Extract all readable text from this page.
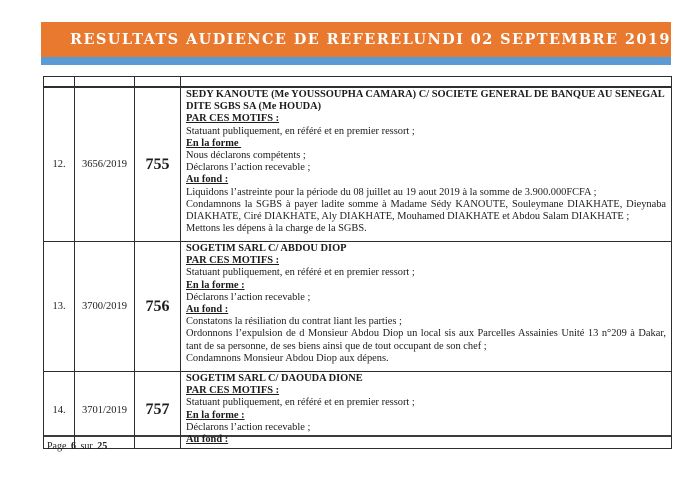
RESULTATS AUDIENCE DE REFERE LUNDI 02 SEPTEMBRE 2019

12.	3656/2019	755	
SEDY KANOUTE (Me YOUSSOUPHA CAMARA) C/ SOCIETE GENERAL DE BANQUE AU SENEGAL DITE SGBS SA (Me HOUDA)
PAR CES MOTIFS :
Statuant publiquement, en référé et en premier ressort ;
En la forme
Nous déclarons compétents ;
Déclarons l’action recevable ;
Au fond :
Liquidons l’astreinte pour la période du 08 juillet au 19 aout 2019 à la somme de 3.900.000FCFA ;
Condamnons la SGBS à payer ladite somme à Madame Sédy KANOUTE, Souleymane DIAKHATE, Dieynaba DIAKHATE, Ciré DIAKHATE, Aly DIAKHATE, Mouhamed DIAKHATE et Abdou Salam DIAKHATE ;
Mettons les dépens à la charge de la SGBS.

13.	3700/2019	756	
SOGETIM SARL C/ ABDOU DIOP
PAR CES MOTIFS :
Statuant publiquement, en référé et en premier ressort ;
En la forme :
Déclarons l’action recevable ;
Au fond :
Constatons la résiliation du contrat liant les parties ;
Ordonnons l’expulsion de d Monsieur Abdou Diop un local sis aux Parcelles Assainies Unité 13 n°209 à Dakar, tant de sa personne, de ses biens ainsi que de tout occupant de son chef ;
Condamnons Monsieur Abdou Diop aux dépens.

14.	3701/2019	757	
SOGETIM SARL C/ DAOUDA DIONE
PAR CES MOTIFS :
Statuant publiquement, en référé et en premier ressort ;
En la forme :
Déclarons l’action recevable ;
Au fond :
Page 6 sur 25
